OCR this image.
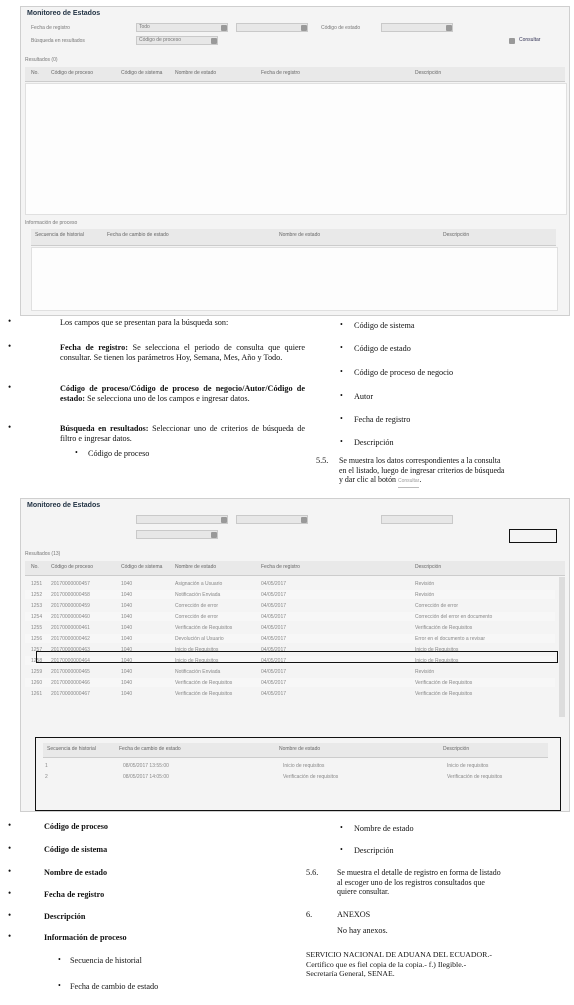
Monitoreo de Estados
Fecha de registro	Todo	Código de estado
Búsqueda en resultados	Código de proceso	Consultar
Resultados (0)
No. Código de proceso	Código de sistema	Nombre de estado	Fecha de registro	Descripción
Información de proceso
Secuencia de historial	Fecha de cambio de estado	Nombre de estado	Descripción
•	Los campos que se presentan para la búsqueda son:
•	Fecha de registro: Se selecciona el periodo de consulta que quiere consultar. Se tienen los parámetros Hoy, Semana, Mes, Año y Todo.
•	Código de proceso/Código de proceso de negocio/Autor/Código de estado: Se selecciona uno de los campos e ingresar datos.
•	Búsqueda en resultados: Seleccionar uno de criterios de búsqueda de filtro e ingresar datos.
• Código de proceso
• Código de sistema
• Código de estado
• Código de proceso de negocio
• Autor
• Fecha de registro
• Descripción
5.5. Se muestra los datos correspondientes a la consulta
en el listado, luego de ingresar criterios de búsqueda
y dar clic al botón Consultar.
Monitoreo de Estados
Resultados (13)
No. Código de proceso	Código de sistema	Nombre de estado	Fecha de registro	Descripción
1251 20170000000457	1040	Asignación a Usuario	04/05/2017	Revisión
1252 20170000000458	1040	Notificación Enviada	04/05/2017	Revisión
1253 20170000000459	1040	Corrección de error	04/05/2017	Corrección de error
1254 20170000000460	1040	Corrección de error	04/05/2017	Corrección del error en documento
1255 20170000000461	1040	Verificación de Requisitos	04/05/2017	Verificación de Requisitos
1256 20170000000462	1040	Devolución al Usuario	04/05/2017	Error en el documento a revisar
1257 20170000000463	1040	Inicio de Requisitos	04/05/2017	Inicio de Requisitos
1258 20170000000464	1040	Inicio de Requisitos	04/05/2017	Inicio de Requisitos
1259 20170000000465	1040	Notificación Enviada	04/05/2017	Revisión
1260 20170000000466	1040	Verificación de Requisitos	04/05/2017	Verificación de Requisitos
1261 20170000000467	1040	Verificación de Requisitos	04/05/2017	Verificación de Requisitos
Secuencia de historial	Fecha de cambio de estado	Nombre de estado	Descripción
1	08/05/2017 13:55:00	Inicio de requisitos	Inicio de requisitos
2	08/05/2017 14:05:00	Verificación de requisitos	Verificación de requisitos
•	Código de proceso
•	Código de sistema
•	Nombre de estado
•	Fecha de registro
•	Descripción
•	Información de proceso
• Secuencia de historial
• Fecha de cambio de estado
• Nombre de estado
• Descripción
5.6. Se muestra el detalle de registro en forma de listado
al escoger uno de los registros consultados que
quiere consultar.
6.	ANEXOS
No hay anexos.
SERVICIO NACIONAL DE ADUANA DEL ECUADOR.-
Certifico que es fiel copia de la copia.- f.) Ilegible.-
Secretaría General, SENAE.
